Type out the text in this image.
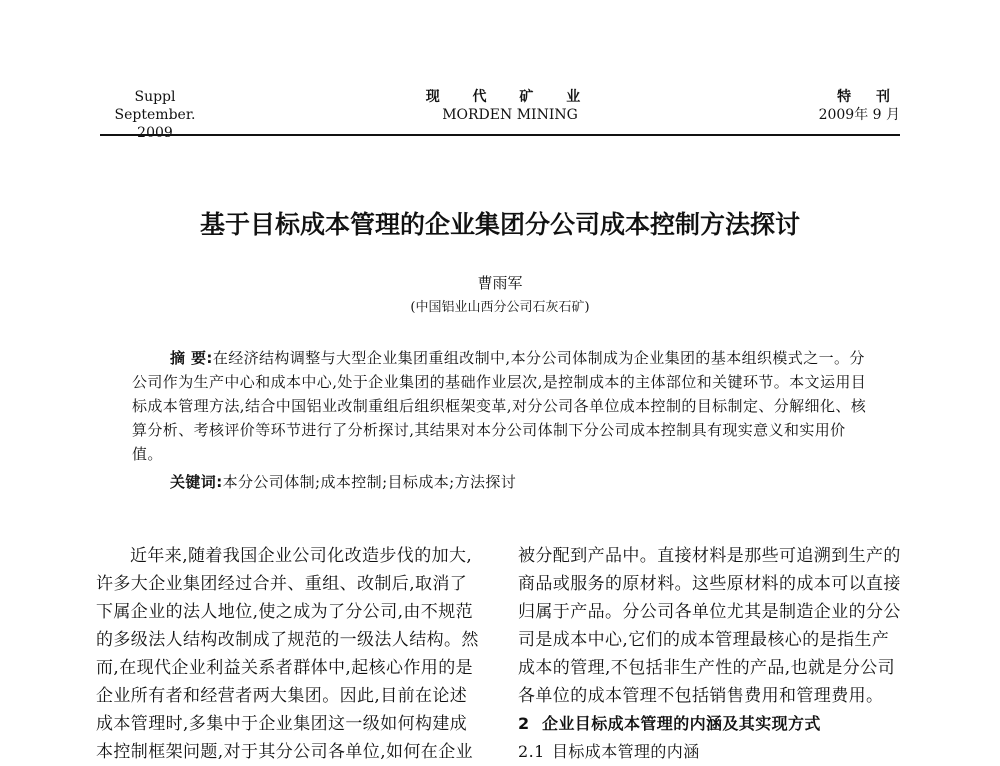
Suppl
September. 2009
现 代 矿 业
MORDEN MINING
特 刊
2009年 9 月
基于目标成本管理的企业集团分公司成本控制方法探讨
曹雨军
(中国铝业山西分公司石灰石矿)

摘 要:在经济结构调整与大型企业集团重组改制中,本分公司体制成为企业集团的基本组织模式之一。分公司作为生产中心和成本中心,处于企业集团的基础作业层次,是控制成本的主体部位和关键环节。本文运用目标成本管理方法,结合中国铝业改制重组后组织框架变革,对分公司各单位成本控制的目标制定、分解细化、核算分析、考核评价等环节进行了分析探讨,其结果对本分公司体制下分公司成本控制具有现实意义和实用价值。

关键词:本分公司体制;成本控制;目标成本;方法探讨

近年来,随着我国企业公司化改造步伐的加大,许多大企业集团经过合并、重组、改制后,取消了下属企业的法人地位,使之成为了分公司,由不规范的多级法人结构改制成了规范的一级法人结构。然而,在现代企业利益关系者群体中,起核心作用的是企业所有者和经营者两大集团。因此,目前在论述成本管理时,多集中于企业集团这一级如何构建成本控制框架问题,对于其分公司各单位,如何在企业

被分配到产品中。直接材料是那些可追溯到生产的商品或服务的原材料。这些原材料的成本可以直接归属于产品。分公司各单位尤其是制造企业的分公司是成本中心,它们的成本管理最核心的是指生产成本的管理,不包括非生产性的产品,也就是分公司各单位的成本管理不包括销售费用和管理费用。

2 企业目标成本管理的内涵及其实现方式

2.1 目标成本管理的内涵
